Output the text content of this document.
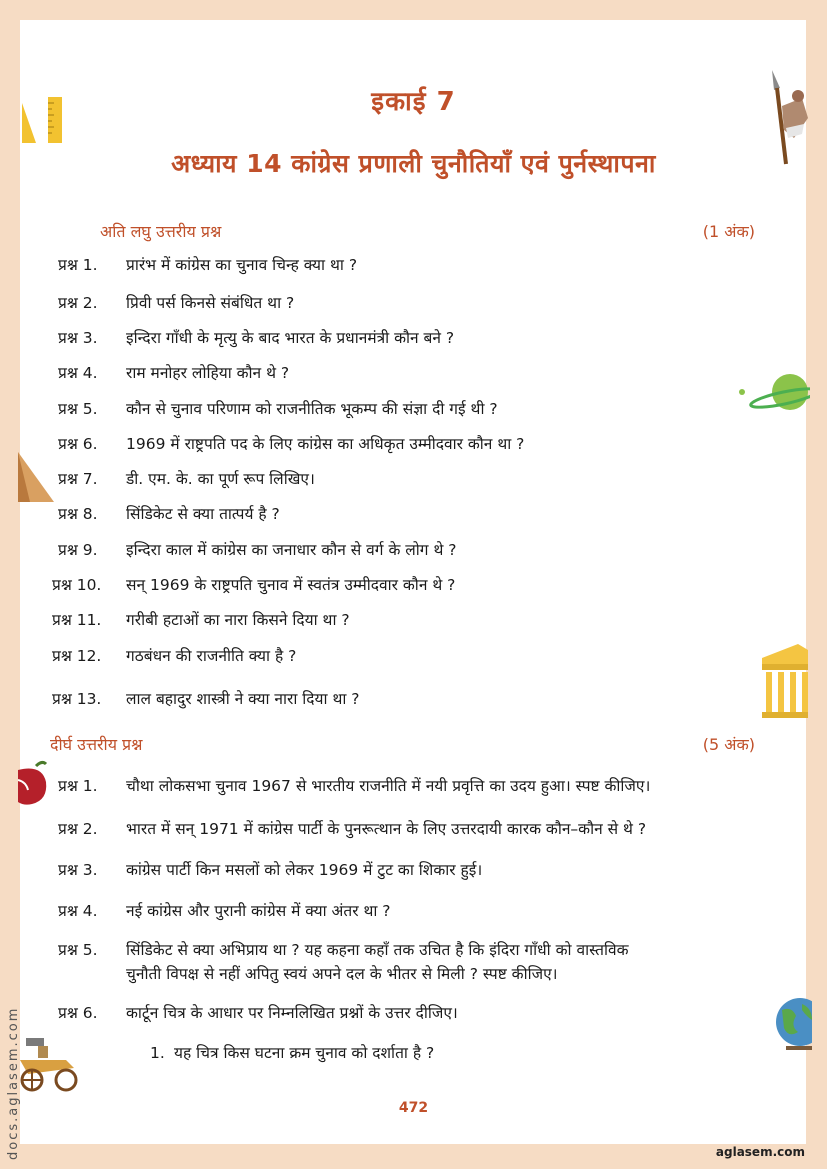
docs.aglasem.com
इकाई 7
अध्याय 14 कांग्रेस प्रणाली चुनौतियाँ एवं पुर्नस्थापना
अति लघु उत्तरीय प्रश्न	(1 अंक)
प्रश्न 1. प्रारंभ में कांग्रेस का चुनाव चिन्ह क्या था ?
प्रश्न 2. प्रिवी पर्स किनसे संबंधित था ?
प्रश्न 3. इन्दिरा गाँधी के मृत्यु के बाद भारत के प्रधानमंत्री कौन बने ?
प्रश्न 4. राम मनोहर लोहिया कौन थे ?
प्रश्न 5. कौन से चुनाव परिणाम को राजनीतिक भूकम्प की संज्ञा दी गई थी ?
प्रश्न 6. 1969 में राष्ट्रपति पद के लिए कांग्रेस का अधिकृत उम्मीदवार कौन था ?
प्रश्न 7. डी. एम. के. का पूर्ण रूप लिखिए।
प्रश्न 8. सिंडिकेट से क्या तात्पर्य है ?
प्रश्न 9. इन्दिरा काल में कांग्रेस का जनाधार कौन से वर्ग के लोग थे ?
प्रश्न 10. सन् 1969 के राष्ट्रपति चुनाव में स्वतंत्र उम्मीदवार कौन थे ?
प्रश्न 11. गरीबी हटाओं का नारा किसने दिया था ?
प्रश्न 12. गठबंधन की राजनीति क्या है ?
प्रश्न 13. लाल बहादुर शास्त्री ने क्या नारा दिया था ?
दीर्घ उत्तरीय प्रश्न	(5 अंक)
प्रश्न 1. चौथा लोकसभा चुनाव 1967 से भारतीय राजनीति में नयी प्रवृत्ति का उदय हुआ। स्पष्ट कीजिए।
प्रश्न 2. भारत में सन् 1971 में कांग्रेस पार्टी के पुनरूत्थान के लिए उत्तरदायी कारक कौन–कौन से थे ?
प्रश्न 3. कांग्रेस पार्टी किन मसलों को लेकर 1969 में टुट का शिकार हुई।
प्रश्न 4. नई कांग्रेस और पुरानी कांग्रेस में क्या अंतर था ?
प्रश्न 5. सिंडिकेट से क्या अभिप्राय था ? यह कहना कहाँ तक उचित है कि इंदिरा गाँधी को वास्तविक
चुनौती विपक्ष से नहीं अपितु स्वयं अपने दल के भीतर से मिली ? स्पष्ट कीजिए।
प्रश्न 6. कार्टून चित्र के आधार पर निम्नलिखित प्रश्नों के उत्तर दीजिए।
1. यह चित्र किस घटना क्रम चुनाव को दर्शाता है ?
472
aglasem.com
